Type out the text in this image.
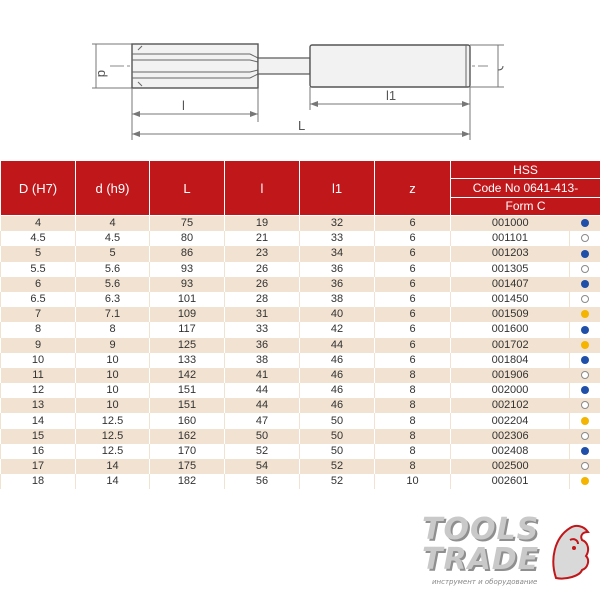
d
l
l1
L
D (H7)	d (h9)	L	l	l1	z	HSS	
						Code No 0641-413-	
						Form C	
4	4	75	19	32	6	001000	
4.5	4.5	80	21	33	6	001101	
5	5	86	23	34	6	001203	
5.5	5.6	93	26	36	6	001305	
6	5.6	93	26	36	6	001407	
6.5	6.3	101	28	38	6	001450	
7	7.1	109	31	40	6	001509	
8	8	117	33	42	6	001600	
9	9	125	36	44	6	001702	
10	10	133	38	46	6	001804	
11	10	142	41	46	8	001906	
12	10	151	44	46	8	002000	
13	10	151	44	46	8	002102	
14	12.5	160	47	50	8	002204	
15	12.5	162	50	50	8	002306	
16	12.5	170	52	50	8	002408	
17	14	175	54	52	8	002500	
18	14	182	56	52	10	002601	
TOOLS
TRADE
инструмент и оборудование
